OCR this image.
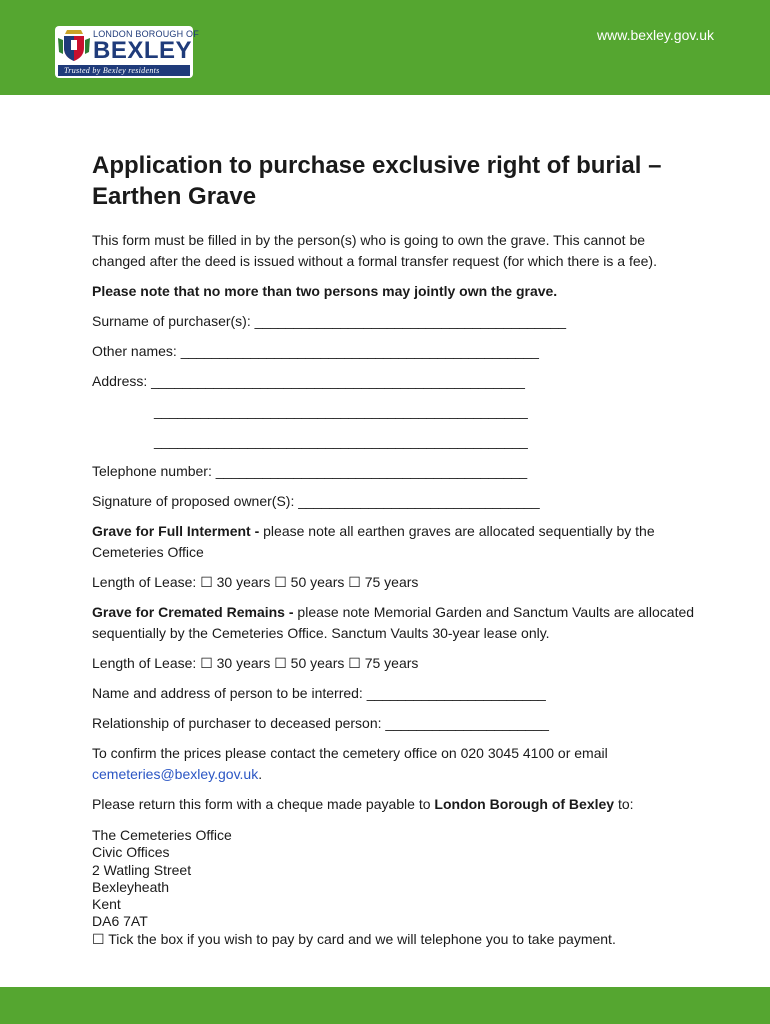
LONDON BOROUGH OF
BEXLEY
Trusted by Bexley residents
www.bexley.gov.uk
Application to purchase exclusive right of burial – Earthen Grave
This form must be filled in by the person(s) who is going to own the grave. This cannot be changed after the deed is issued without a formal transfer request (for which there is a fee).
Please note that no more than two persons may jointly own the grave.
Surname of purchaser(s): ________________________________________
Other names: ______________________________________________
Address: ________________________________________________
________________________________________________
________________________________________________
Telephone number: ________________________________________
Signature of proposed owner(S): _______________________________
Grave for Full Interment - please note all earthen graves are allocated sequentially by the Cemeteries Office
Length of Lease: ☐ 30 years ☐ 50 years ☐ 75 years
Grave for Cremated Remains - please note Memorial Garden and Sanctum Vaults are allocated sequentially by the Cemeteries Office. Sanctum Vaults 30-year lease only.
Length of Lease: ☐ 30 years ☐ 50 years ☐ 75 years
Name and address of person to be interred: _______________________
Relationship of purchaser to deceased person: _____________________
To confirm the prices please contact the cemetery office on 020 3045 4100 or email cemeteries@bexley.gov.uk.
Please return this form with a cheque made payable to London Borough of Bexley to:
The Cemeteries Office
Civic Offices
2 Watling Street
Bexleyheath
Kent
DA6 7AT
☐ Tick the box if you wish to pay by card and we will telephone you to take payment.
